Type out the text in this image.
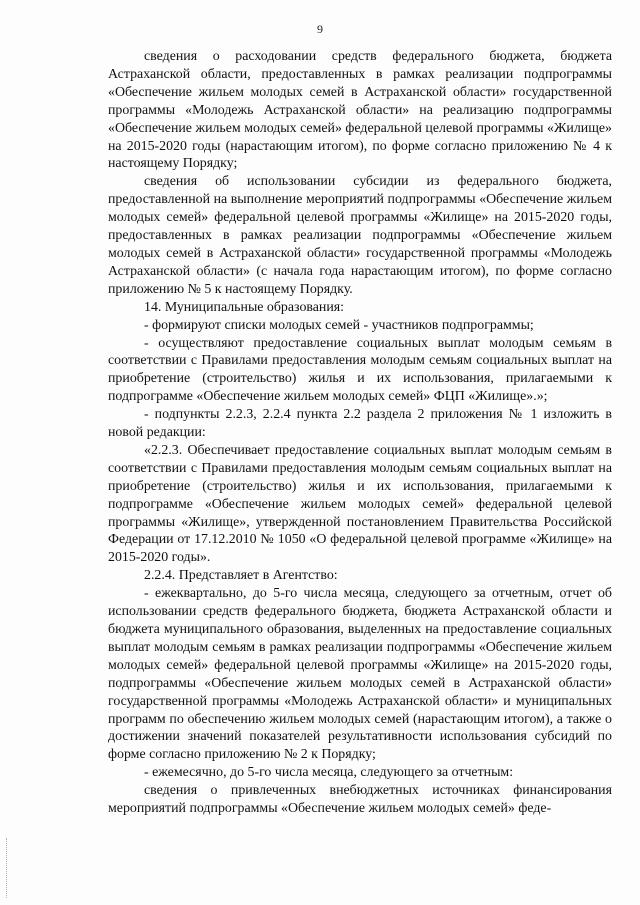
9

сведения о расходовании средств федерального бюджета, бюджета Астраханской области, предоставленных в рамках реализации подпрограммы «Обеспечение жильем молодых семей в Астраханской области» государственной программы «Молодежь Астраханской области» на реализацию подпрограммы «Обеспечение жильем молодых семей» федеральной целевой программы «Жилище» на 2015-2020 годы (нарастающим итогом), по форме согласно приложению № 4 к настоящему Порядку;

сведения об использовании субсидии из федерального бюджета, предоставленной на выполнение мероприятий подпрограммы «Обеспечение жильем молодых семей» федеральной целевой программы «Жилище» на 2015-2020 годы, предоставленных в рамках реализации подпрограммы «Обеспечение жильем молодых семей в Астраханской области» государственной программы «Молодежь Астраханской области» (с начала года нарастающим итогом), по форме согласно приложению № 5 к настоящему Порядку.

14. Муниципальные образования:

- формируют списки молодых семей - участников подпрограммы;

- осуществляют предоставление социальных выплат молодым семьям в соответствии с Правилами предоставления молодым семьям социальных выплат на приобретение (строительство) жилья и их использования, прилагаемыми к подпрограмме «Обеспечение жильем молодых семей» ФЦП «Жилище».»;

- подпункты 2.2.3, 2.2.4 пункта 2.2 раздела 2 приложения № 1 изложить в новой редакции:

«2.2.3. Обеспечивает предоставление социальных выплат молодым семьям в соответствии с Правилами предоставления молодым семьям социальных выплат на приобретение (строительство) жилья и их использования, прилагаемыми к подпрограмме «Обеспечение жильем молодых семей» федеральной целевой программы «Жилище», утвержденной постановлением Правительства Российской Федерации от 17.12.2010 № 1050 «О федеральной целевой программе «Жилище» на 2015-2020 годы».

2.2.4. Представляет в Агентство:

- ежеквартально, до 5-го числа месяца, следующего за отчетным, отчет об использовании средств федерального бюджета, бюджета Астраханской области и бюджета муниципального образования, выделенных на предоставление социальных выплат молодым семьям в рамках реализации подпрограммы «Обеспечение жильем молодых семей» федеральной целевой программы «Жилище» на 2015-2020 годы, подпрограммы «Обеспечение жильем молодых семей в Астраханской области» государственной программы «Молодежь Астраханской области» и муниципальных программ по обеспечению жильем молодых семей (нарастающим итогом), а также о достижении значений показателей результативности использования субсидий по форме согласно приложению № 2 к Порядку;

- ежемесячно, до 5-го числа месяца, следующего за отчетным:

сведения о привлеченных внебюджетных источниках финансирования мероприятий подпрограммы «Обеспечение жильем молодых семей» феде-
